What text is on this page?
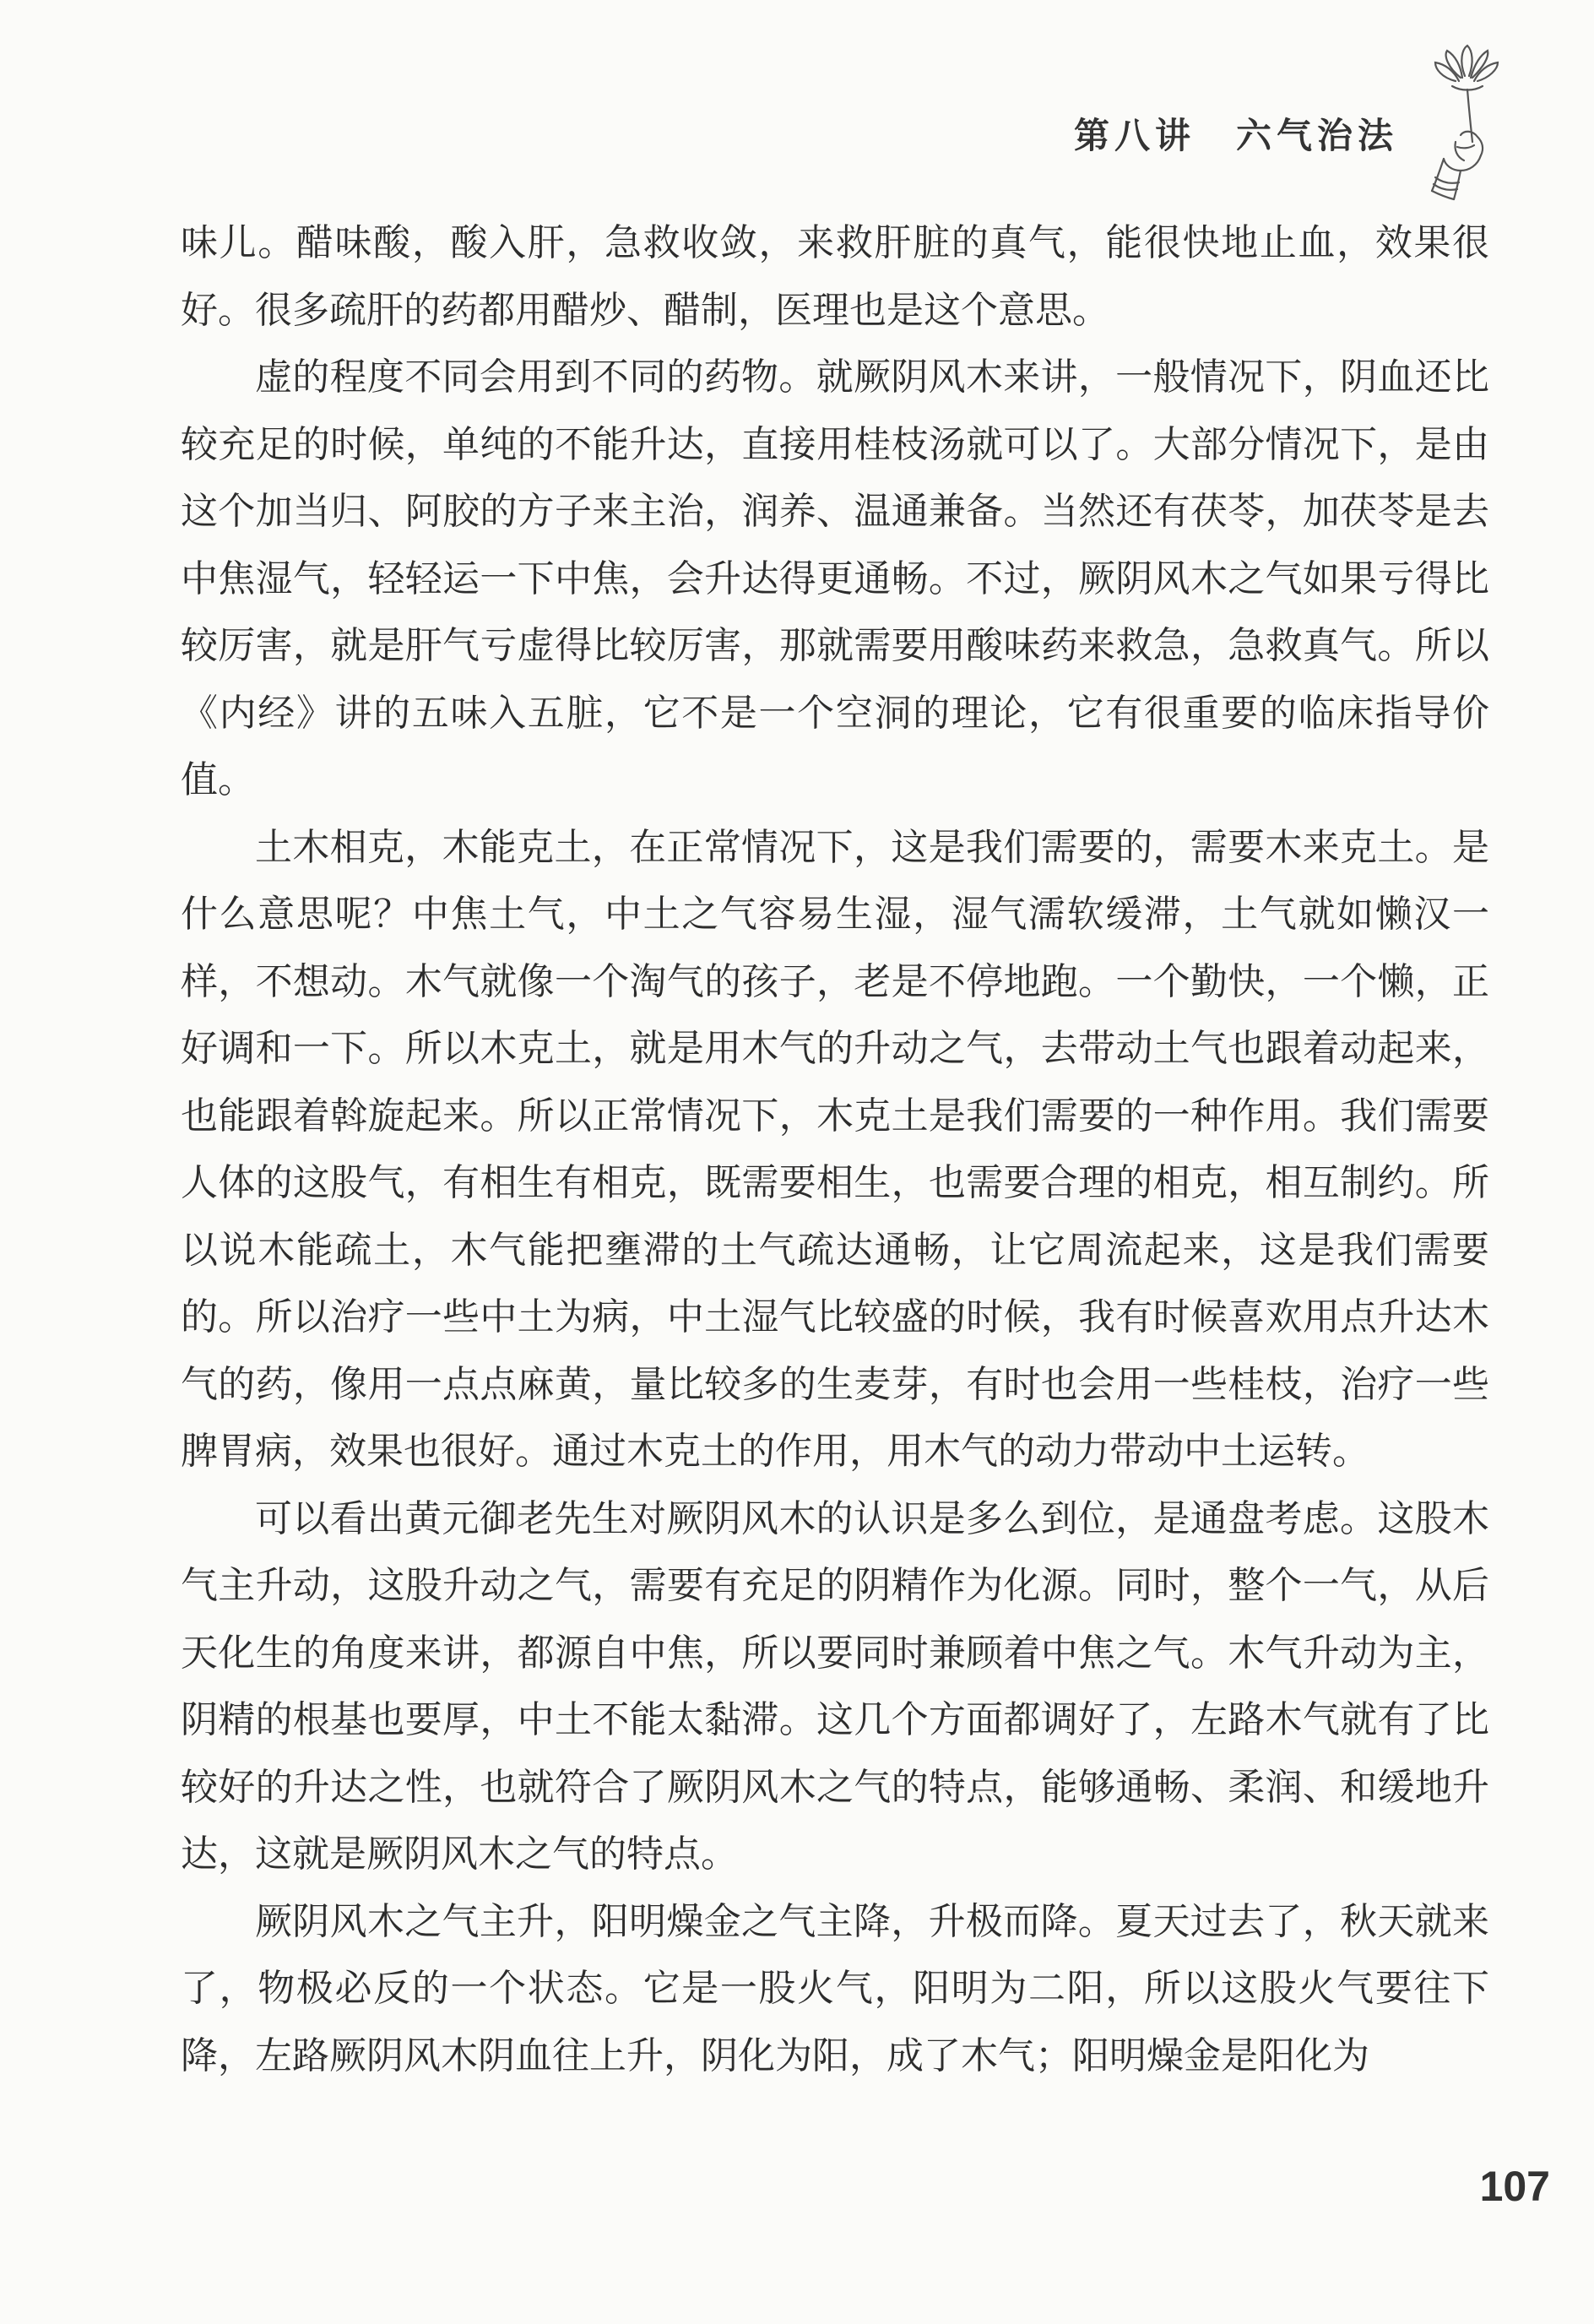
第八讲 六气治法

味儿。醋味酸，酸入肝，急救收敛，来救肝脏的真气，能很快地止血，效果很好。很多疏肝的药都用醋炒、醋制，医理也是这个意思。

虚的程度不同会用到不同的药物。就厥阴风木来讲，一般情况下，阴血还比较充足的时候，单纯的不能升达，直接用桂枝汤就可以了。大部分情况下，是由这个加当归、阿胶的方子来主治，润养、温通兼备。当然还有茯苓，加茯苓是去中焦湿气，轻轻运一下中焦，会升达得更通畅。不过，厥阴风木之气如果亏得比较厉害，就是肝气亏虚得比较厉害，那就需要用酸味药来救急，急救真气。所以《内经》讲的五味入五脏，它不是一个空洞的理论，它有很重要的临床指导价值。

土木相克，木能克土，在正常情况下，这是我们需要的，需要木来克土。是什么意思呢？中焦土气，中土之气容易生湿，湿气濡软缓滞，土气就如懒汉一样，不想动。木气就像一个淘气的孩子，老是不停地跑。一个勤快，一个懒，正好调和一下。所以木克土，就是用木气的升动之气，去带动土气也跟着动起来，也能跟着斡旋起来。所以正常情况下，木克土是我们需要的一种作用。我们需要人体的这股气，有相生有相克，既需要相生，也需要合理的相克，相互制约。所以说木能疏土，木气能把壅滞的土气疏达通畅，让它周流起来，这是我们需要的。所以治疗一些中土为病，中土湿气比较盛的时候，我有时候喜欢用点升达木气的药，像用一点点麻黄，量比较多的生麦芽，有时也会用一些桂枝，治疗一些脾胃病，效果也很好。通过木克土的作用，用木气的动力带动中土运转。

可以看出黄元御老先生对厥阴风木的认识是多么到位，是通盘考虑。这股木气主升动，这股升动之气，需要有充足的阴精作为化源。同时，整个一气，从后天化生的角度来讲，都源自中焦，所以要同时兼顾着中焦之气。木气升动为主，阴精的根基也要厚，中土不能太黏滞。这几个方面都调好了，左路木气就有了比较好的升达之性，也就符合了厥阴风木之气的特点，能够通畅、柔润、和缓地升达，这就是厥阴风木之气的特点。

厥阴风木之气主升，阳明燥金之气主降，升极而降。夏天过去了，秋天就来了，物极必反的一个状态。它是一股火气，阳明为二阳，所以这股火气要往下降，左路厥阴风木阴血往上升，阴化为阳，成了木气；阳明燥金是阳化为

107
